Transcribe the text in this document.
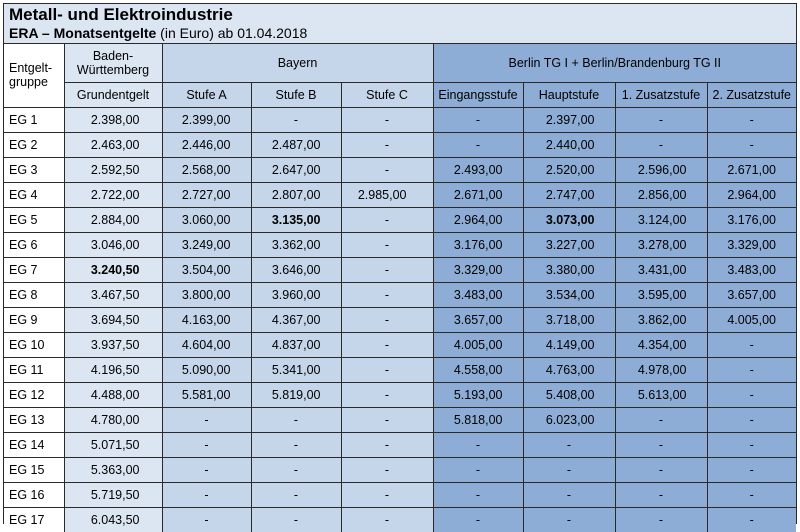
Metall- und Elektroindustrie
ERA – Monatsentgelte (in Euro) ab 01.04.2018
Entgelt-
gruppe	Baden-
Württemberg	Bayern			Berlin TG I + Berlin/Brandenburg TG II			
	Grundentgelt	Stufe A	Stufe B	Stufe C	Eingangsstufe	Hauptstufe	1. Zusatzstufe	2. Zusatzstufe
EG 1	2.398,00	2.399,00	-	-	-	2.397,00	-	-
EG 2	2.463,00	2.446,00	2.487,00	-	-	2.440,00	-	-
EG 3	2.592,50	2.568,00	2.647,00	-	2.493,00	2.520,00	2.596,00	2.671,00
EG 4	2.722,00	2.727,00	2.807,00	2.985,00	2.671,00	2.747,00	2.856,00	2.964,00
EG 5	2.884,00	3.060,00	3.135,00	-	2.964,00	3.073,00	3.124,00	3.176,00
EG 6	3.046,00	3.249,00	3.362,00	-	3.176,00	3.227,00	3.278,00	3.329,00
EG 7	3.240,50	3.504,00	3.646,00	-	3.329,00	3.380,00	3.431,00	3.483,00
EG 8	3.467,50	3.800,00	3.960,00	-	3.483,00	3.534,00	3.595,00	3.657,00
EG 9	3.694,50	4.163,00	4.367,00	-	3.657,00	3.718,00	3.862,00	4.005,00
EG 10	3.937,50	4.604,00	4.837,00	-	4.005,00	4.149,00	4.354,00	-
EG 11	4.196,50	5.090,00	5.341,00	-	4.558,00	4.763,00	4.978,00	-
EG 12	4.488,00	5.581,00	5.819,00	-	5.193,00	5.408,00	5.613,00	-
EG 13	4.780,00	-	-	-	5.818,00	6.023,00	-	-
EG 14	5.071,50	-	-	-	-	-	-	-
EG 15	5.363,00	-	-	-	-	-	-	-
EG 16	5.719,50	-	-	-	-	-	-	-
EG 17	6.043,50	-	-	-	-	-	-	-
